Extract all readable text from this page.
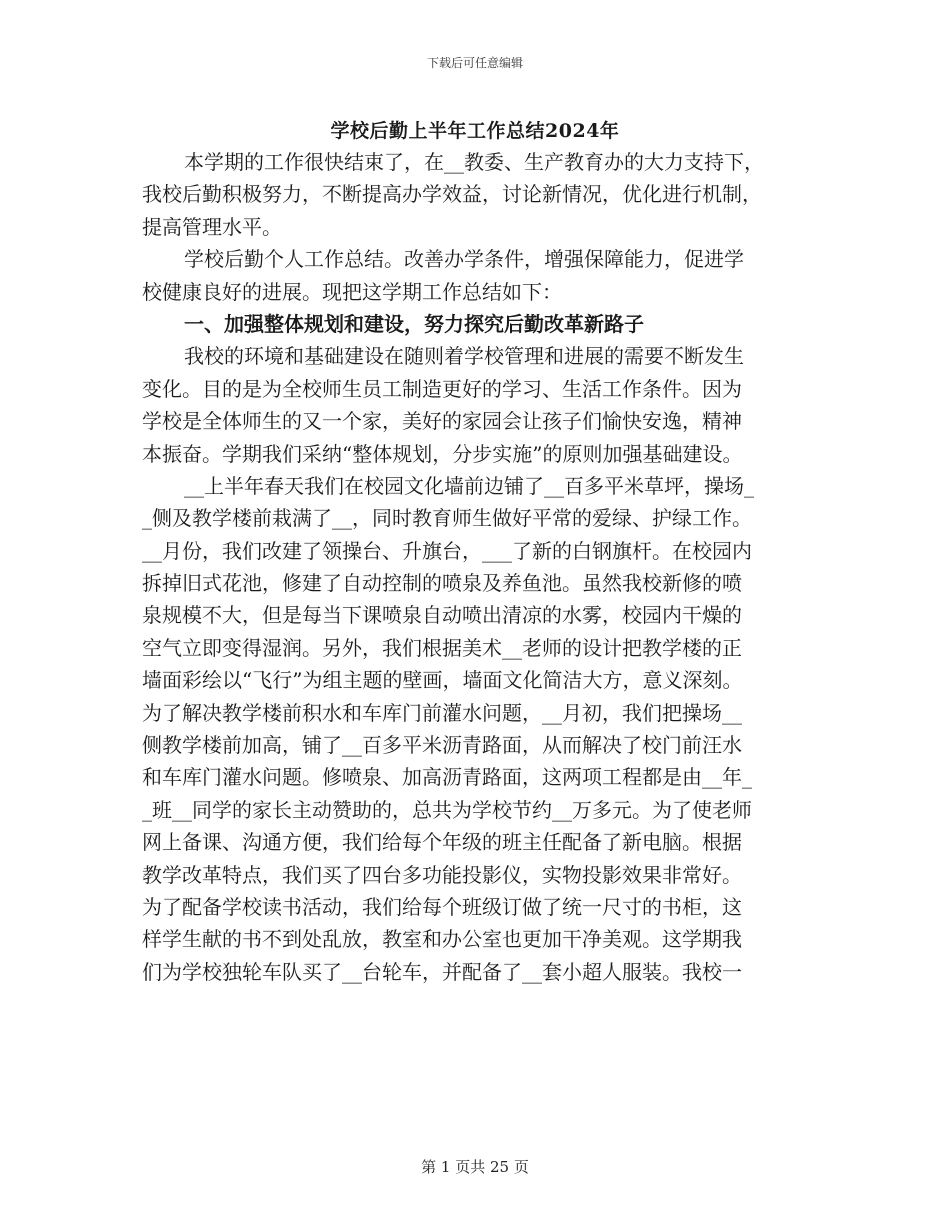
下载后可任意编辑
学校后勤上半年工作总结2024年
本学期的工作很快结束了，在__教委、生产教育办的大力支持下，
我校后勤积极努力，不断提高办学效益，讨论新情况，优化进行机制，
提高管理水平。
学校后勤个人工作总结。改善办学条件，增强保障能力，促进学
校健康良好的进展。现把这学期工作总结如下：
一、加强整体规划和建设，努力探究后勤改革新路子
我校的环境和基础建设在随则着学校管理和进展的需要不断发生
变化。目的是为全校师生员工制造更好的学习、生活工作条件。因为
学校是全体师生的又一个家，美好的家园会让孩子们愉快安逸，精神
本振奋。学期我们采纳“整体规划，分步实施”的原则加强基础建设。
__上半年春天我们在校园文化墙前边铺了__百多平米草坪，操场_
_侧及教学楼前栽满了__，同时教育师生做好平常的爱绿、护绿工作。
__月份，我们改建了领操台、升旗台，___了新的白钢旗杆。在校园内
拆掉旧式花池，修建了自动控制的喷泉及养鱼池。虽然我校新修的喷
泉规模不大，但是每当下课喷泉自动喷出清凉的水雾，校园内干燥的
空气立即变得湿润。另外，我们根据美术__老师的设计把教学楼的正
墙面彩绘以“飞行”为组主题的壁画，墙面文化简洁大方，意义深刻。
为了解决教学楼前积水和车库门前灌水问题，__月初，我们把操场__
侧教学楼前加高，铺了__百多平米沥青路面，从而解决了校门前汪水
和车库门灌水问题。修喷泉、加高沥青路面，这两项工程都是由__年_
_班__同学的家长主动赞助的，总共为学校节约__万多元。为了使老师
网上备课、沟通方便，我们给每个年级的班主任配备了新电脑。根据
教学改革特点，我们买了四台多功能投影仪，实物投影效果非常好。
为了配备学校读书活动，我们给每个班级订做了统一尺寸的书柜，这
样学生献的书不到处乱放，教室和办公室也更加干净美观。这学期我
们为学校独轮车队买了__台轮车，并配备了__套小超人服装。我校一
第 1 页共 25 页
